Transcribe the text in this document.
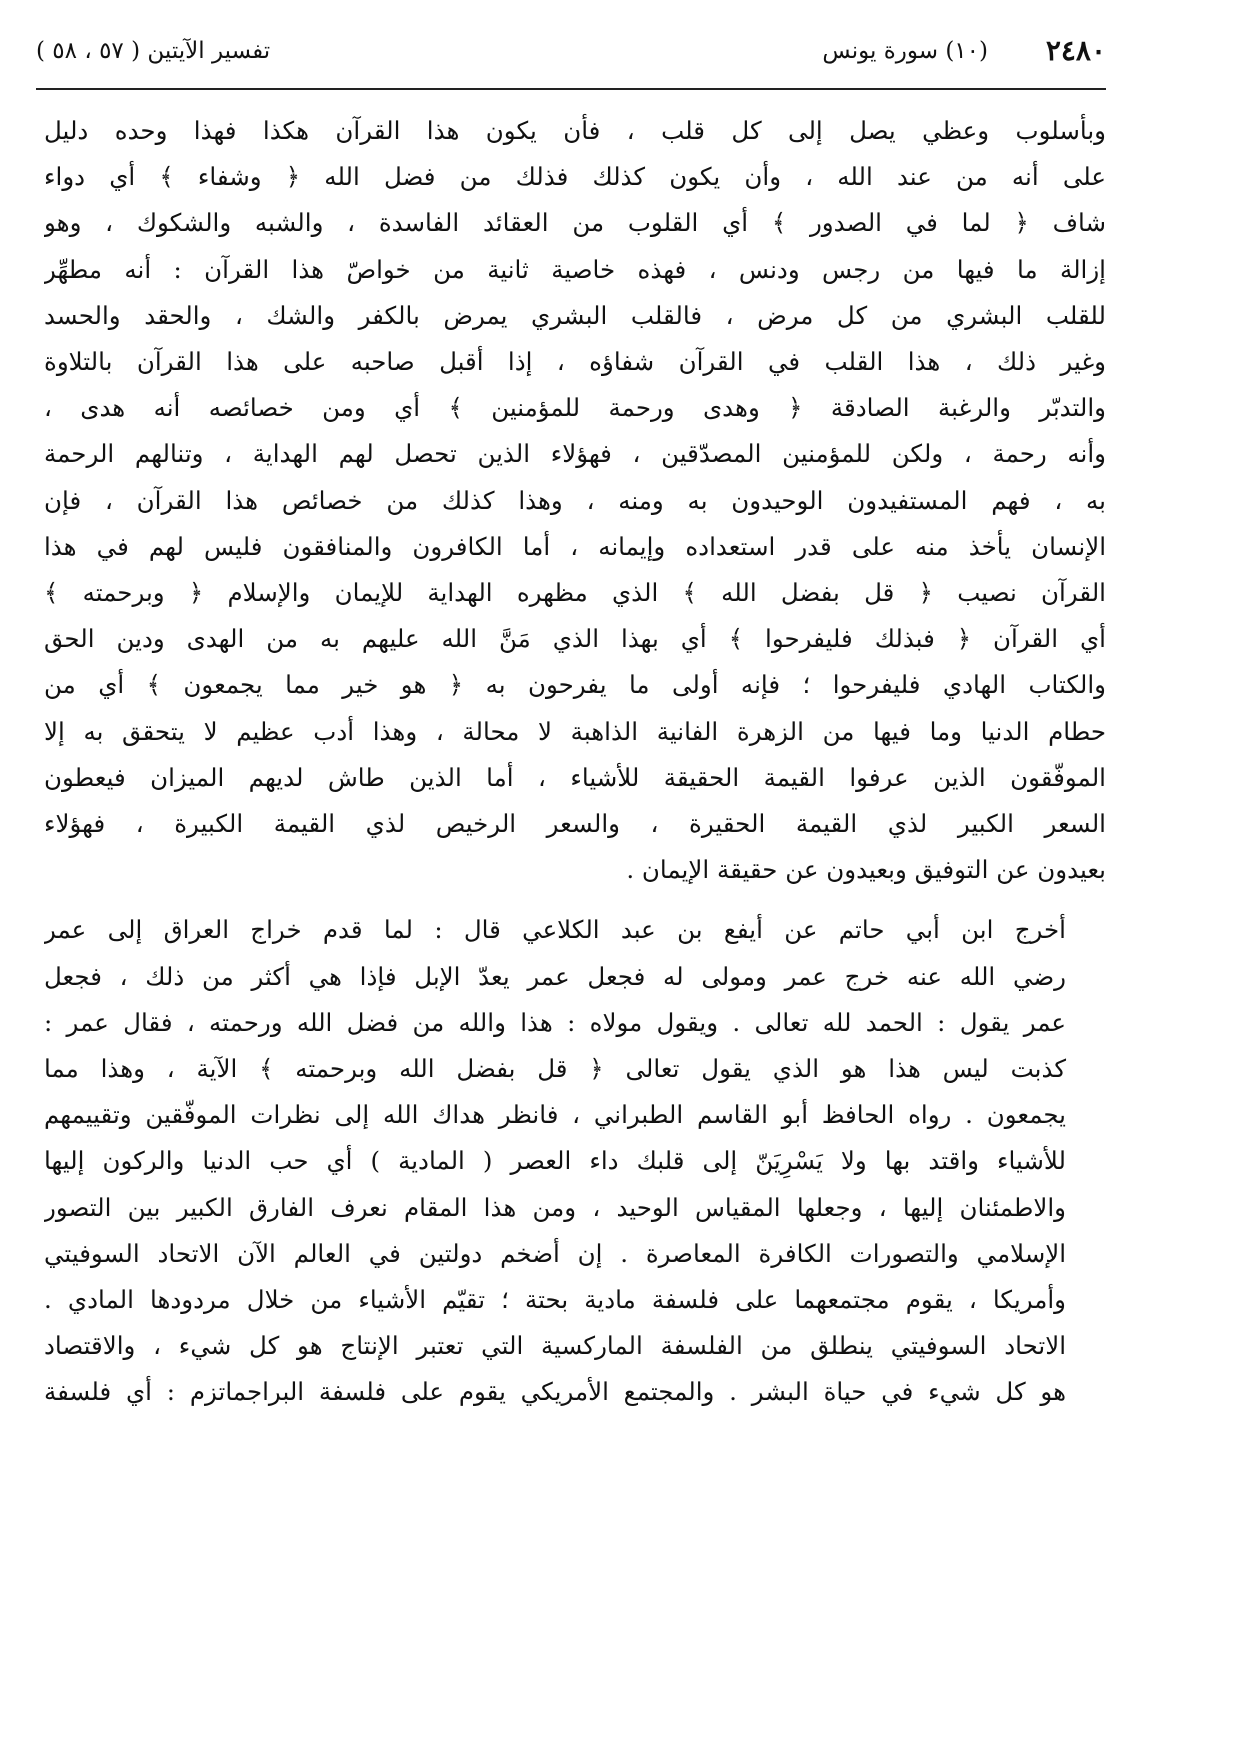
٢٤٨٠
(١٠) سورة يونس
تفسير الآيتين ( ٥٧ ، ٥٨ )

وبأسلوب وعظي يصل إلى كل قلب ، فأن يكون هذا القرآن هكذا فهذا وحده دليل
على أنه من عند الله ، وأن يكون كذلك فذلك من فضل الله ﴿ وشفاء ﴾ أي دواء
شاف ﴿ لما في الصدور ﴾ أي القلوب من العقائد الفاسدة ، والشبه والشكوك ، وهو
إزالة ما فيها من رجس ودنس ، فهذه خاصية ثانية من خواصّ هذا القرآن : أنه مطهِّر
للقلب البشري من كل مرض ، فالقلب البشري يمرض بالكفر والشك ، والحقد والحسد
وغير ذلك ، هذا القلب في القرآن شفاؤه ، إذا أقبل صاحبه على هذا القرآن بالتلاوة
والتدبّر والرغبة الصادقة ﴿ وهدى ورحمة للمؤمنين ﴾ أي ومن خصائصه أنه هدى ،
وأنه رحمة ، ولكن للمؤمنين المصدّقين ، فهؤلاء الذين تحصل لهم الهداية ، وتنالهم الرحمة
به ، فهم المستفيدون الوحيدون به ومنه ، وهذا كذلك من خصائص هذا القرآن ، فإن
الإنسان يأخذ منه على قدر استعداده وإيمانه ، أما الكافرون والمنافقون فليس لهم في هذا
القرآن نصيب ﴿ قل بفضل الله ﴾ الذي مظهره الهداية للإيمان والإسلام ﴿ وبرحمته ﴾
أي القرآن ﴿ فبذلك فليفرحوا ﴾ أي بهذا الذي مَنَّ الله عليهم به من الهدى ودين الحق
والكتاب الهادي فليفرحوا ؛ فإنه أولى ما يفرحون به ﴿ هو خير مما يجمعون ﴾ أي من
حطام الدنيا وما فيها من الزهرة الفانية الذاهبة لا محالة ، وهذا أدب عظيم لا يتحقق به إلا
الموفّقون الذين عرفوا القيمة الحقيقة للأشياء ، أما الذين طاش لديهم الميزان فيعطون
السعر الكبير لذي القيمة الحقيرة ، والسعر الرخيص لذي القيمة الكبيرة ، فهؤلاء
بعيدون عن التوفيق وبعيدون عن حقيقة الإيمان .

أخرج ابن أبي حاتم عن أيفع بن عبد الكلاعي قال : لما قدم خراج العراق إلى عمر
رضي الله عنه خرج عمر ومولى له فجعل عمر يعدّ الإبل فإذا هي أكثر من ذلك ، فجعل
عمر يقول : الحمد لله تعالى . ويقول مولاه : هذا والله من فضل الله ورحمته ، فقال عمر :
كذبت ليس هذا هو الذي يقول تعالى ﴿ قل بفضل الله وبرحمته ﴾ الآية ، وهذا مما
يجمعون . رواه الحافظ أبو القاسم الطبراني ، فانظر هداك الله إلى نظرات الموفّقين وتقييمهم
للأشياء واقتد بها ولا يَسْرِيَنّ إلى قلبك داء العصر ( المادية ) أي حب الدنيا والركون إليها
والاطمئنان إليها ، وجعلها المقياس الوحيد ، ومن هذا المقام نعرف الفارق الكبير بين التصور
الإسلامي والتصورات الكافرة المعاصرة . إن أضخم دولتين في العالم الآن الاتحاد السوفيتي
وأمريكا ، يقوم مجتمعهما على فلسفة مادية بحتة ؛ تقيّم الأشياء من خلال مردودها المادي .
الاتحاد السوفيتي ينطلق من الفلسفة الماركسية التي تعتبر الإنتاج هو كل شيء ، والاقتصاد
هو كل شيء في حياة البشر . والمجتمع الأمريكي يقوم على فلسفة البراجماتزم : أي فلسفة
